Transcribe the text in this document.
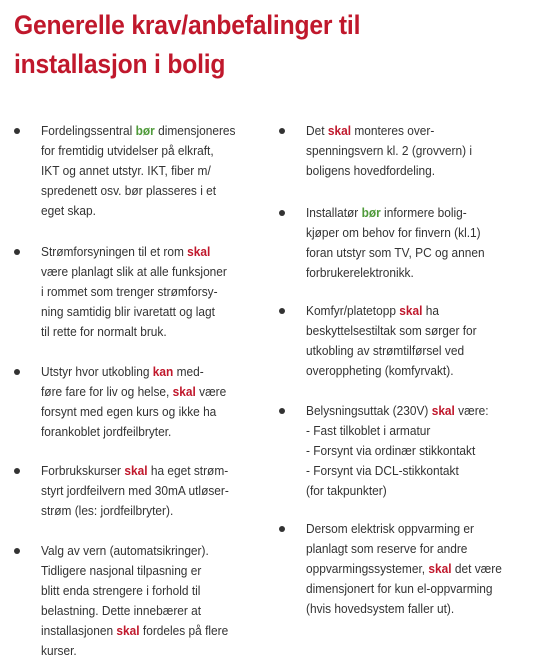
Generelle krav/anbefalinger til installasjon i bolig
Fordelingssentral bør dimensjoneres
for fremtidig utvidelser på elkraft,
IKT og annet utstyr. IKT, fiber m/
spredenett osv. bør plasseres i et
eget skap.
Strømforsyningen til et rom skal
være planlagt slik at alle funksjoner
i rommet som trenger strømforsy-
ning samtidig blir ivaretatt og lagt
til rette for normalt bruk.
Utstyr hvor utkobling kan med-
føre fare for liv og helse, skal være
forsynt med egen kurs og ikke ha
forankoblet jordfeilbryter.
Forbrukskurser skal ha eget strøm-
styrt jordfeilvern med 30mA utløser-
strøm (les: jordfeilbryter).
Valg av vern (automatsikringer).
Tidligere nasjonal tilpasning er
blitt enda strengere i forhold til
belastning. Dette innebærer at
installasjonen skal fordeles på flere
kurser.
Det skal monteres over-
spenningsvern kl. 2 (grovvern) i
boligens hovedfordeling.
Installatør bør informere bolig-
kjøper om behov for finvern (kl.1)
foran utstyr som TV, PC og annen
forbrukerelektronikk.
Komfyr/platetopp skal ha
beskyttelsestiltak som sørger for
utkobling av strømtilførsel ved
overoppheting (komfyrvakt).
Belysningsuttak (230V) skal være:
- Fast tilkoblet i armatur
- Forsynt via ordinær stikkontakt
- Forsynt via DCL-stikkontakt
(for takpunkter)
Dersom elektrisk oppvarming er
planlagt som reserve for andre
oppvarmingssystemer, skal det være
dimensjonert for kun el-oppvarming
(hvis hovedsystem faller ut).
